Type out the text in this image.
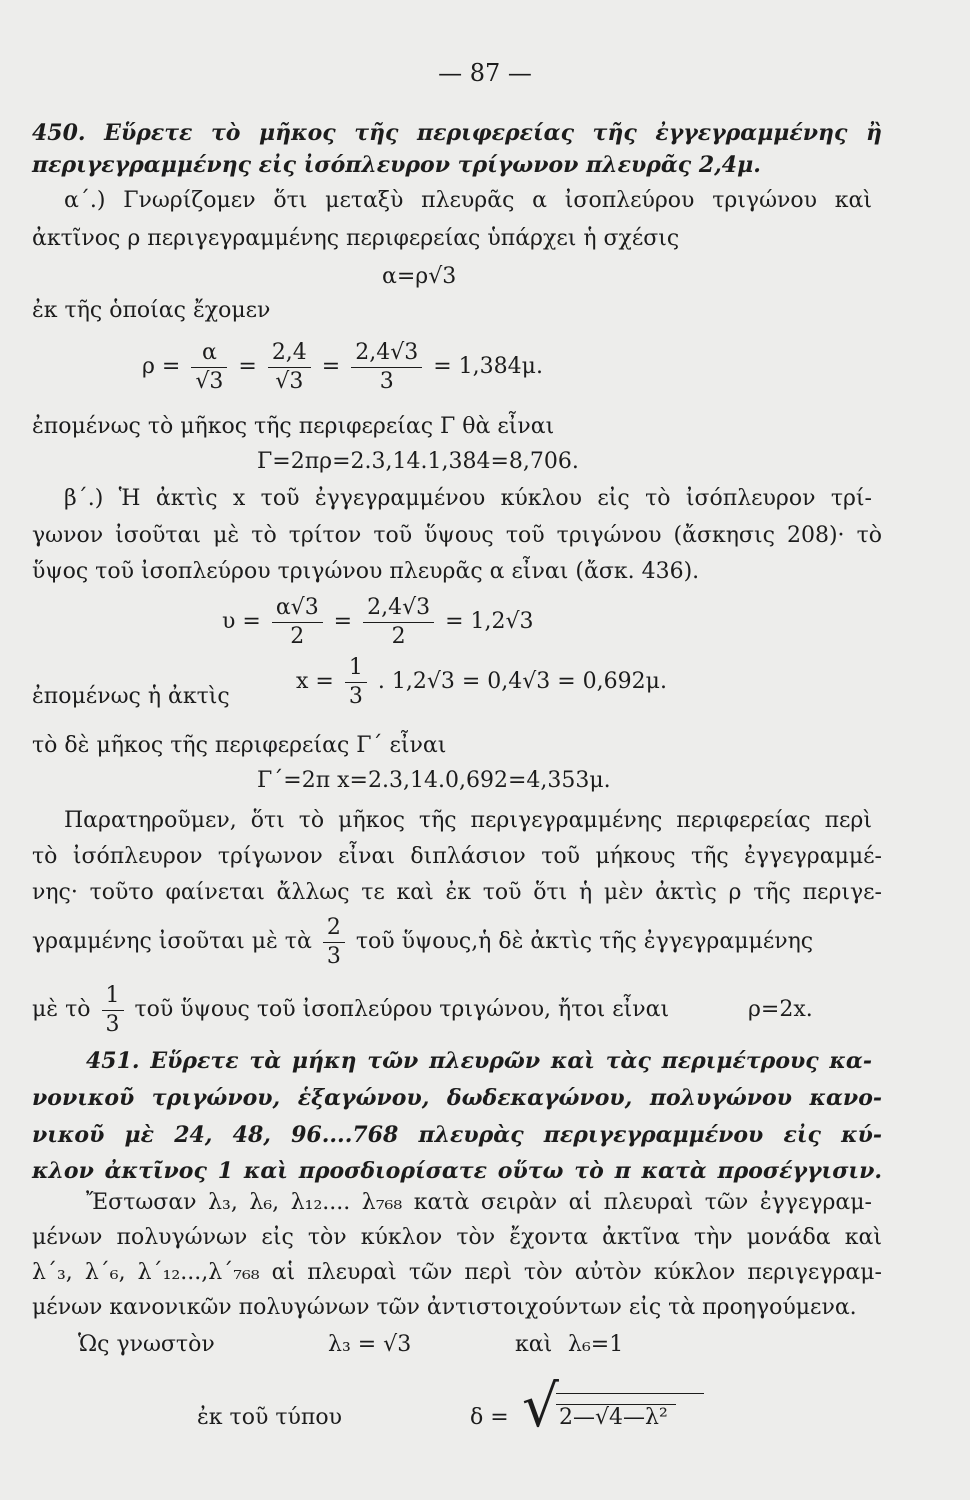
— 87 —
450. Εὕρετε τὸ μῆκος τῆς περιφερείας τῆς ἐγγεγραμμένης ἢ
περιγεγραμμένης εἰς ἰσόπλευρον τρίγωνον πλευρᾶς 2,4μ.
α΄.) Γνωρίζομεν ὅτι μεταξὺ πλευρᾶς α ἰσοπλεύρου τριγώνου καὶ
ἀκτῖνος ρ περιγεγραμμένης περιφερείας ὑπάρχει ἡ σχέσις
α=ρ√3
ἐκ τῆς ὁποίας ἔχομεν
$\rho = \frac{\alpha}{√3} = \frac{2,4}{√3} = \frac{2,4√3}{3} = 1,384\mu$.
ἐπομένως τὸ μῆκος τῆς περιφερείας Γ θὰ εἶναι
Γ=2πρ=2.3,14.1,384=8,706.
β΄.) Ἡ ἀκτὶς x τοῦ ἐγγεγραμμένου κύκλου εἰς τὸ ἰσόπλευρον τρί-
γωνον ἰσοῦται μὲ τὸ τρίτον τοῦ ὕψους τοῦ τριγώνου (ἄσκησις 208)· τὸ
ὕψος τοῦ ἰσοπλεύρου τριγώνου πλευρᾶς α εἶναι (ἄσκ. 436).
$\upsilon = \frac{\alpha√3}{2} = \frac{2,4√3}{2} = 1,2√3$
ἐπομένως ἡ ἀκτὶς
$x = \frac{1}{3}$ . 1,2√3 = 0,4√3 = 0,692μ.
τὸ δὲ μῆκος τῆς περιφερείας Γ΄ εἶναι
Γ΄=2π x=2.3,14.0,692=4,353μ.
Παρατηροῦμεν, ὅτι τὸ μῆκος τῆς περιγεγραμμένης περιφερείας περὶ
τὸ ἰσόπλευρον τρίγωνον εἶναι διπλάσιον τοῦ μήκους τῆς ἐγγεγραμμέ-
νης· τοῦτο φαίνεται ἄλλως τε καὶ ἐκ τοῦ ὅτι ἡ μὲν ἀκτὶς ρ τῆς περιγε-
γραμμένης ἰσοῦται μὲ τὰ $\frac{2}{3}$ τοῦ ὕψους,ἡ δὲ ἀκτὶς τῆς ἐγγεγραμμένης
μὲ τὸ $\frac{1}{3}$ τοῦ ὕψους τοῦ ἰσοπλεύρου τριγώνου, ἤτοι εἶναι	ρ=2x.
451. Εὕρετε τὰ μήκη τῶν πλευρῶν καὶ τὰς περιμέτρους κα-
νονικοῦ τριγώνου, ἑξαγώνου, δωδεκαγώνου, πολυγώνου κανο-
νικοῦ μὲ 24, 48, 96....768 πλευρὰς περιγεγραμμένου εἰς κύ-
κλον ἀκτῖνος 1 καὶ προσδιορίσατε οὕτω τὸ π κατὰ προσέγγισιν.
Ἔστωσαν λ₃, λ₆, λ₁₂.... λ₇₆₈ κατὰ σειρὰν αἱ πλευραὶ τῶν ἐγγεγραμ-
μένων πολυγώνων εἰς τὸν κύκλον τὸν ἔχοντα ἀκτῖνα τὴν μονάδα καὶ
λ΄₃, λ΄₆, λ΄₁₂...,λ΄₇₆₈ αἱ πλευραὶ τῶν περὶ τὸν αὐτὸν κύκλον περιγεγραμ-
μένων κανονικῶν πολυγώνων τῶν ἀντιστοιχούντων εἰς τὰ προηγούμενα.
Ὡς γνωστὸν	λ₃ = √3	καὶ λ₆=1
ἐκ τοῦ τύπου	δ = √ 2—√4—λ²
